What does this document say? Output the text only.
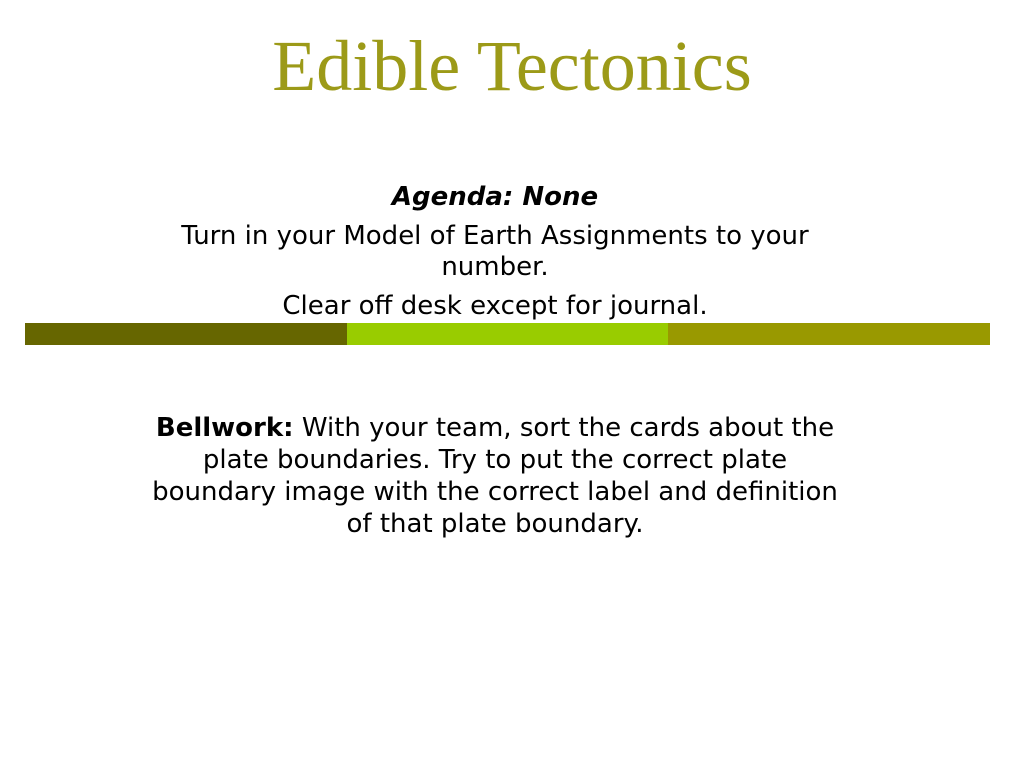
Edible Tectonics

Agenda: None

Turn in your Model of Earth Assignments to your number.

Clear off desk except for journal.

Bellwork: With your team, sort the cards about the plate boundaries. Try to put the correct plate boundary image with the correct label and definition of that plate boundary.
